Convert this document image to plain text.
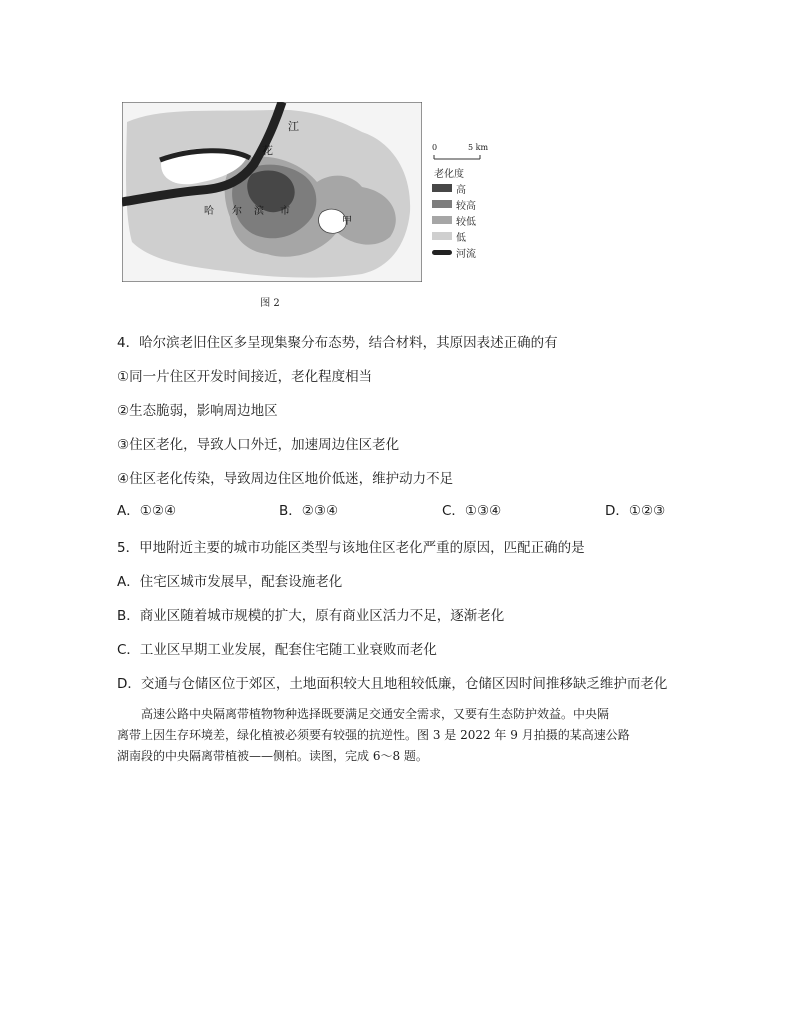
江
花
哈 尔 滨 市
甲
0	5 km
老化度
高
较高
较低
低
河流
图 2
4．哈尔滨老旧住区多呈现集聚分布态势，结合材料，其原因表述正确的有
①同一片住区开发时间接近，老化程度相当
②生态脆弱，影响周边地区
③住区老化，导致人口外迁，加速周边住区老化
④住区老化传染，导致周边住区地价低迷，维护动力不足
A．①②④	B．②③④	C．①③④	D．①②③
5．甲地附近主要的城市功能区类型与该地住区老化严重的原因，匹配正确的是
A．住宅区城市发展早，配套设施老化
B．商业区随着城市规模的扩大，原有商业区活力不足，逐渐老化
C．工业区早期工业发展，配套住宅随工业衰败而老化
D．交通与仓储区位于郊区，土地面积较大且地租较低廉，仓储区因时间推移缺乏维护而老化
高速公路中央隔离带植物物种选择既要满足交通安全需求，又要有生态防护效益。中央隔
离带上因生存环境差，绿化植被必须要有较强的抗逆性。图 3 是 2022 年 9 月拍摄的某高速公路
湖南段的中央隔离带植被——侧柏。读图，完成 6～8 题。
